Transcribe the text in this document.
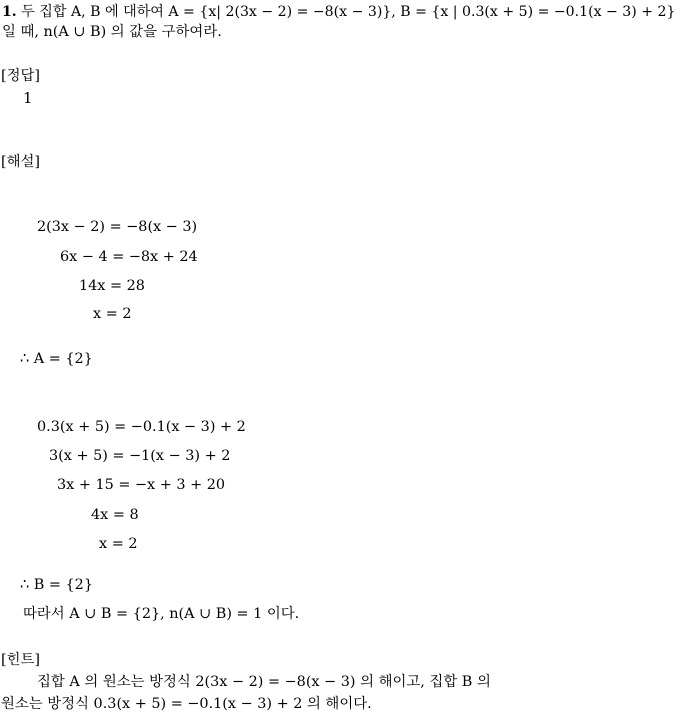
1. 두 집합 A, B 에 대하여 A = {x| 2(3x − 2) = −8(x − 3)}, B = {x | 0.3(x + 5) = −0.1(x − 3) + 2}
일 때, n(A ∪ B) 의 값을 구하여라.
[정답]
1
[해설]
2(3x − 2) = −8(x − 3)
6x − 4 = −8x + 24
14x = 28
x = 2
∴ A = {2}
0.3(x + 5) = −0.1(x − 3) + 2
3(x + 5) = −1(x − 3) + 2
3x + 15 = −x + 3 + 20
4x = 8
x = 2
∴ B = {2}
따라서 A ∪ B = {2}, n(A ∪ B) = 1 이다.
[힌트]
집합 A 의 원소는 방정식 2(3x − 2) = −8(x − 3) 의 해이고, 집합 B 의
원소는 방정식 0.3(x + 5) = −0.1(x − 3) + 2 의 해이다.
